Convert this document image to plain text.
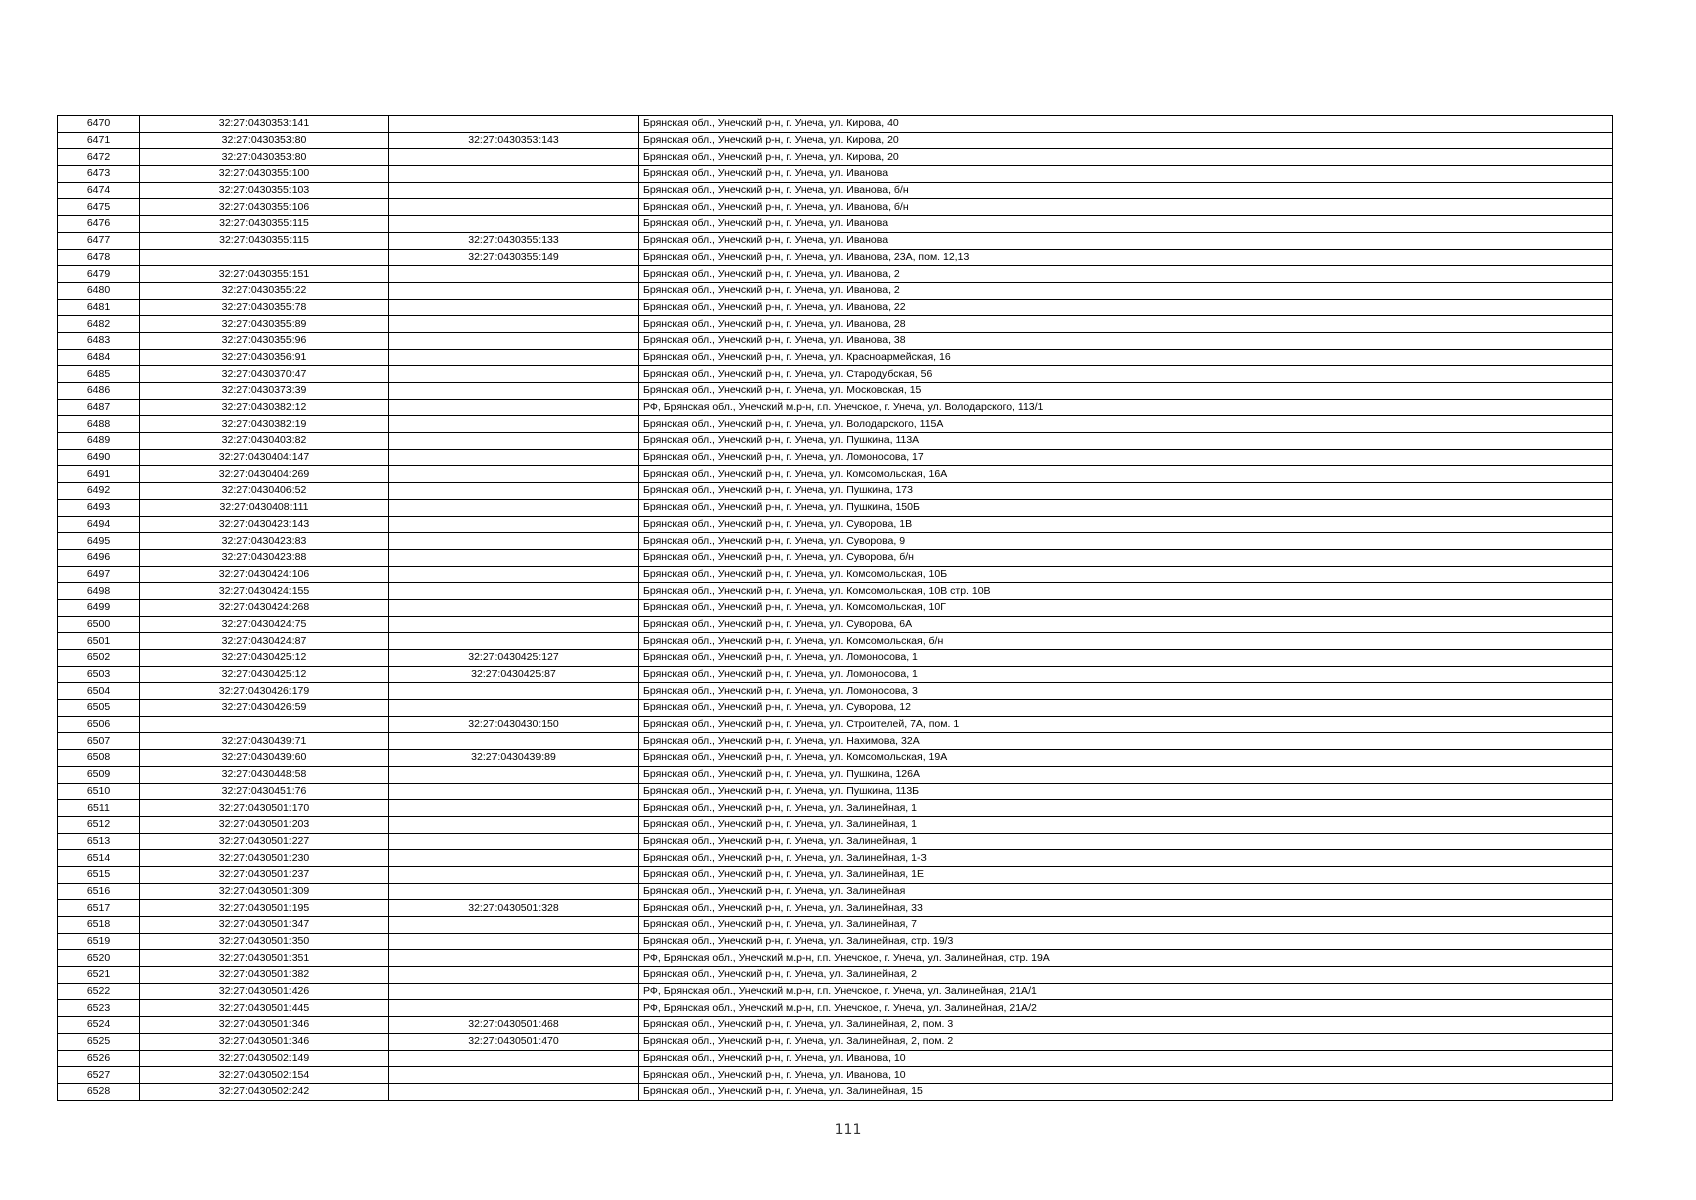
6470	32:27:0430353:141		Брянская обл., Унечский р-н, г. Унеча, ул. Кирова, 40
6471	32:27:0430353:80	32:27:0430353:143	Брянская обл., Унечский р-н, г. Унеча, ул. Кирова, 20
6472	32:27:0430353:80		Брянская обл., Унечский р-н, г. Унеча, ул. Кирова, 20
6473	32:27:0430355:100		Брянская обл., Унечский р-н, г. Унеча, ул. Иванова
6474	32:27:0430355:103		Брянская обл., Унечский р-н, г. Унеча, ул. Иванова, б/н
6475	32:27:0430355:106		Брянская обл., Унечский р-н, г. Унеча, ул. Иванова, б/н
6476	32:27:0430355:115		Брянская обл., Унечский р-н, г. Унеча, ул. Иванова
6477	32:27:0430355:115	32:27:0430355:133	Брянская обл., Унечский р-н, г. Унеча, ул. Иванова
6478		32:27:0430355:149	Брянская обл., Унечский р-н, г. Унеча, ул. Иванова, 23А, пом. 12,13
6479	32:27:0430355:151		Брянская обл., Унечский р-н, г. Унеча, ул. Иванова, 2
6480	32:27:0430355:22		Брянская обл., Унечский р-н, г. Унеча, ул. Иванова, 2
6481	32:27:0430355:78		Брянская обл., Унечский р-н, г. Унеча, ул. Иванова, 22
6482	32:27:0430355:89		Брянская обл., Унечский р-н, г. Унеча, ул. Иванова, 28
6483	32:27:0430355:96		Брянская обл., Унечский р-н, г. Унеча, ул. Иванова, 38
6484	32:27:0430356:91		Брянская обл., Унечский р-н, г. Унеча, ул. Красноармейская, 16
6485	32:27:0430370:47		Брянская обл., Унечский р-н, г. Унеча, ул. Стародубская, 56
6486	32:27:0430373:39		Брянская обл., Унечский р-н, г. Унеча, ул. Московская, 15
6487	32:27:0430382:12		РФ, Брянская обл., Унечский м.р-н, г.п. Унечское, г. Унеча, ул. Володарского, 113/1
6488	32:27:0430382:19		Брянская обл., Унечский р-н, г. Унеча, ул. Володарского, 115А
6489	32:27:0430403:82		Брянская обл., Унечский р-н, г. Унеча, ул. Пушкина, 113А
6490	32:27:0430404:147		Брянская обл., Унечский р-н, г. Унеча, ул. Ломоносова, 17
6491	32:27:0430404:269		Брянская обл., Унечский р-н, г. Унеча, ул. Комсомольская, 16А
6492	32:27:0430406:52		Брянская обл., Унечский р-н, г. Унеча, ул. Пушкина, 173
6493	32:27:0430408:111		Брянская обл., Унечский р-н, г. Унеча, ул. Пушкина, 150Б
6494	32:27:0430423:143		Брянская обл., Унечский р-н, г. Унеча, ул. Суворова, 1В
6495	32:27:0430423:83		Брянская обл., Унечский р-н, г. Унеча, ул. Суворова, 9
6496	32:27:0430423:88		Брянская обл., Унечский р-н, г. Унеча, ул. Суворова, б/н
6497	32:27:0430424:106		Брянская обл., Унечский р-н, г. Унеча, ул. Комсомольская, 10Б
6498	32:27:0430424:155		Брянская обл., Унечский р-н, г. Унеча, ул. Комсомольская, 10В стр. 10В
6499	32:27:0430424:268		Брянская обл., Унечский р-н, г. Унеча, ул. Комсомольская, 10Г
6500	32:27:0430424:75		Брянская обл., Унечский р-н, г. Унеча, ул. Суворова, 6А
6501	32:27:0430424:87		Брянская обл., Унечский р-н, г. Унеча, ул. Комсомольская, б/н
6502	32:27:0430425:12	32:27:0430425:127	Брянская обл., Унечский р-н, г. Унеча, ул. Ломоносова, 1
6503	32:27:0430425:12	32:27:0430425:87	Брянская обл., Унечский р-н, г. Унеча, ул. Ломоносова, 1
6504	32:27:0430426:179		Брянская обл., Унечский р-н, г. Унеча, ул. Ломоносова, 3
6505	32:27:0430426:59		Брянская обл., Унечский р-н, г. Унеча, ул. Суворова, 12
6506		32:27:0430430:150	Брянская обл., Унечский р-н, г. Унеча, ул. Строителей, 7А, пом. 1
6507	32:27:0430439:71		Брянская обл., Унечский р-н, г. Унеча, ул. Нахимова, 32А
6508	32:27:0430439:60	32:27:0430439:89	Брянская обл., Унечский р-н, г. Унеча, ул. Комсомольская, 19А
6509	32:27:0430448:58		Брянская обл., Унечский р-н, г. Унеча, ул. Пушкина, 126А
6510	32:27:0430451:76		Брянская обл., Унечский р-н, г. Унеча, ул. Пушкина, 113Б
6511	32:27:0430501:170		Брянская обл., Унечский р-н, г. Унеча, ул. Залинейная, 1
6512	32:27:0430501:203		Брянская обл., Унечский р-н, г. Унеча, ул. Залинейная, 1
6513	32:27:0430501:227		Брянская обл., Унечский р-н, г. Унеча, ул. Залинейная, 1
6514	32:27:0430501:230		Брянская обл., Унечский р-н, г. Унеча, ул. Залинейная, 1-З
6515	32:27:0430501:237		Брянская обл., Унечский р-н, г. Унеча, ул. Залинейная, 1Е
6516	32:27:0430501:309		Брянская обл., Унечский р-н, г. Унеча, ул. Залинейная
6517	32:27:0430501:195	32:27:0430501:328	Брянская обл., Унечский р-н, г. Унеча, ул. Залинейная, 33
6518	32:27:0430501:347		Брянская обл., Унечский р-н, г. Унеча, ул. Залинейная, 7
6519	32:27:0430501:350		Брянская обл., Унечский р-н, г. Унеча, ул. Залинейная, стр. 19/3
6520	32:27:0430501:351		РФ, Брянская обл., Унечский м.р-н, г.п. Унечское, г. Унеча, ул. Залинейная, стр. 19А
6521	32:27:0430501:382		Брянская обл., Унечский р-н, г. Унеча, ул. Залинейная, 2
6522	32:27:0430501:426		РФ, Брянская обл., Унечский м.р-н, г.п. Унечское, г. Унеча, ул. Залинейная, 21А/1
6523	32:27:0430501:445		РФ, Брянская обл., Унечский м.р-н, г.п. Унечское, г. Унеча, ул. Залинейная, 21А/2
6524	32:27:0430501:346	32:27:0430501:468	Брянская обл., Унечский р-н, г. Унеча, ул. Залинейная, 2, пом. 3
6525	32:27:0430501:346	32:27:0430501:470	Брянская обл., Унечский р-н, г. Унеча, ул. Залинейная, 2, пом. 2
6526	32:27:0430502:149		Брянская обл., Унечский р-н, г. Унеча, ул. Иванова, 10
6527	32:27:0430502:154		Брянская обл., Унечский р-н, г. Унеча, ул. Иванова, 10
6528	32:27:0430502:242		Брянская обл., Унечский р-н, г. Унеча, ул. Залинейная, 15
111
